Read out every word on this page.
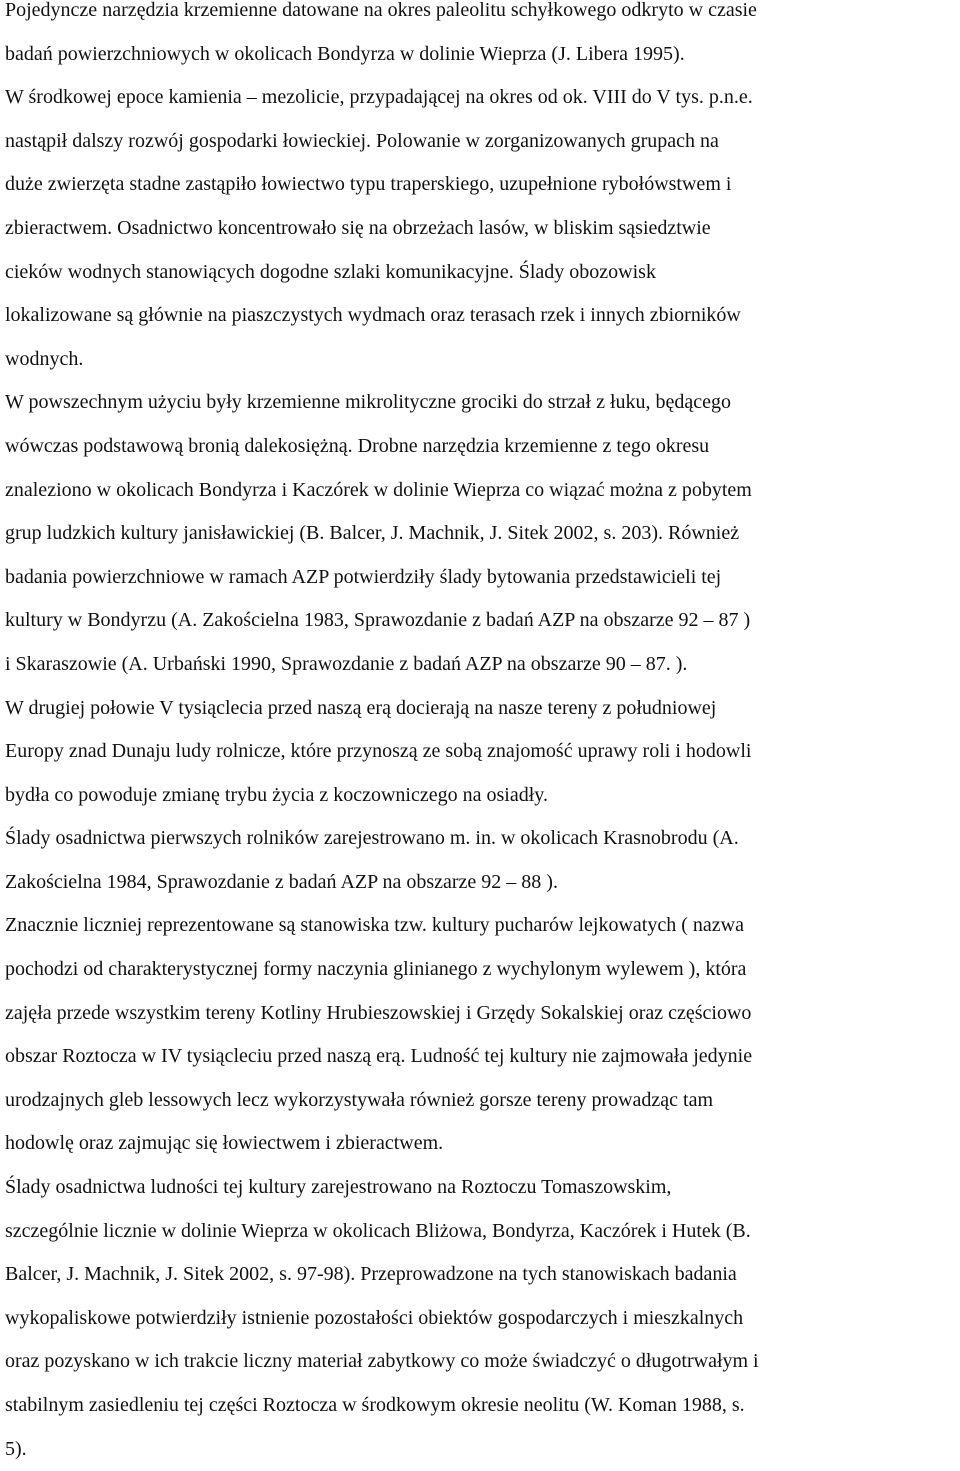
Pojedyncze narzędzia krzemienne datowane na okres paleolitu schyłkowego odkryto w czasie
badań powierzchniowych w okolicach Bondyrza w dolinie Wieprza (J. Libera 1995).
W środkowej epoce kamienia – mezolicie, przypadającej na okres od ok. VIII do V tys. p.n.e.
nastąpił dalszy rozwój gospodarki łowieckiej. Polowanie w zorganizowanych grupach na
duże zwierzęta stadne zastąpiło łowiectwo typu traperskiego, uzupełnione rybołówstwem i
zbieractwem. Osadnictwo koncentrowało się na obrzeżach lasów, w bliskim sąsiedztwie
cieków wodnych stanowiących dogodne szlaki komunikacyjne. Ślady obozowisk
lokalizowane są głównie na piaszczystych wydmach oraz terasach rzek i innych zbiorników
wodnych.
W powszechnym użyciu były krzemienne mikrolityczne grociki do strzał z łuku, będącego
wówczas podstawową bronią dalekosiężną. Drobne narzędzia krzemienne z tego okresu
znaleziono w okolicach Bondyrza i Kaczórek w dolinie Wieprza co wiązać można z pobytem
grup ludzkich kultury janisławickiej (B. Balcer, J. Machnik, J. Sitek 2002, s. 203). Również
badania powierzchniowe w ramach AZP potwierdziły ślady bytowania przedstawicieli tej
kultury w Bondyrzu (A. Zakościelna 1983, Sprawozdanie z badań AZP na obszarze 92 – 87 )
i Skaraszowie (A. Urbański 1990, Sprawozdanie z badań AZP na obszarze 90 – 87. ).
W drugiej połowie V tysiąclecia przed naszą erą docierają na nasze tereny z południowej
Europy znad Dunaju ludy rolnicze, które przynoszą ze sobą znajomość uprawy roli i hodowli
bydła co powoduje zmianę trybu życia z koczowniczego na osiadły.
Ślady osadnictwa pierwszych rolników zarejestrowano m. in. w okolicach Krasnobrodu (A.
Zakościelna 1984, Sprawozdanie z badań AZP na obszarze 92 – 88 ).
Znacznie liczniej reprezentowane są stanowiska tzw. kultury pucharów lejkowatych ( nazwa
pochodzi od charakterystycznej formy naczynia glinianego z wychylonym wylewem ), która
zajęła przede wszystkim tereny Kotliny Hrubieszowskiej i Grzędy Sokalskiej oraz częściowo
obszar Roztocza w IV tysiącleciu przed naszą erą. Ludność tej kultury nie zajmowała jedynie
urodzajnych gleb lessowych lecz wykorzystywała również gorsze tereny prowadząc tam
hodowlę oraz zajmując się łowiectwem i zbieractwem.
Ślady osadnictwa ludności tej kultury zarejestrowano na Roztoczu Tomaszowskim,
szczególnie licznie w dolinie Wieprza w okolicach Bliżowa, Bondyrza, Kaczórek i Hutek (B.
Balcer, J. Machnik, J. Sitek 2002, s. 97-98). Przeprowadzone na tych stanowiskach badania
wykopaliskowe potwierdziły istnienie pozostałości obiektów gospodarczych i mieszkalnych
oraz pozyskano w ich trakcie liczny materiał zabytkowy co może świadczyć o długotrwałym i
stabilnym zasiedleniu tej części Roztocza w środkowym okresie neolitu (W. Koman 1988, s.
5).
